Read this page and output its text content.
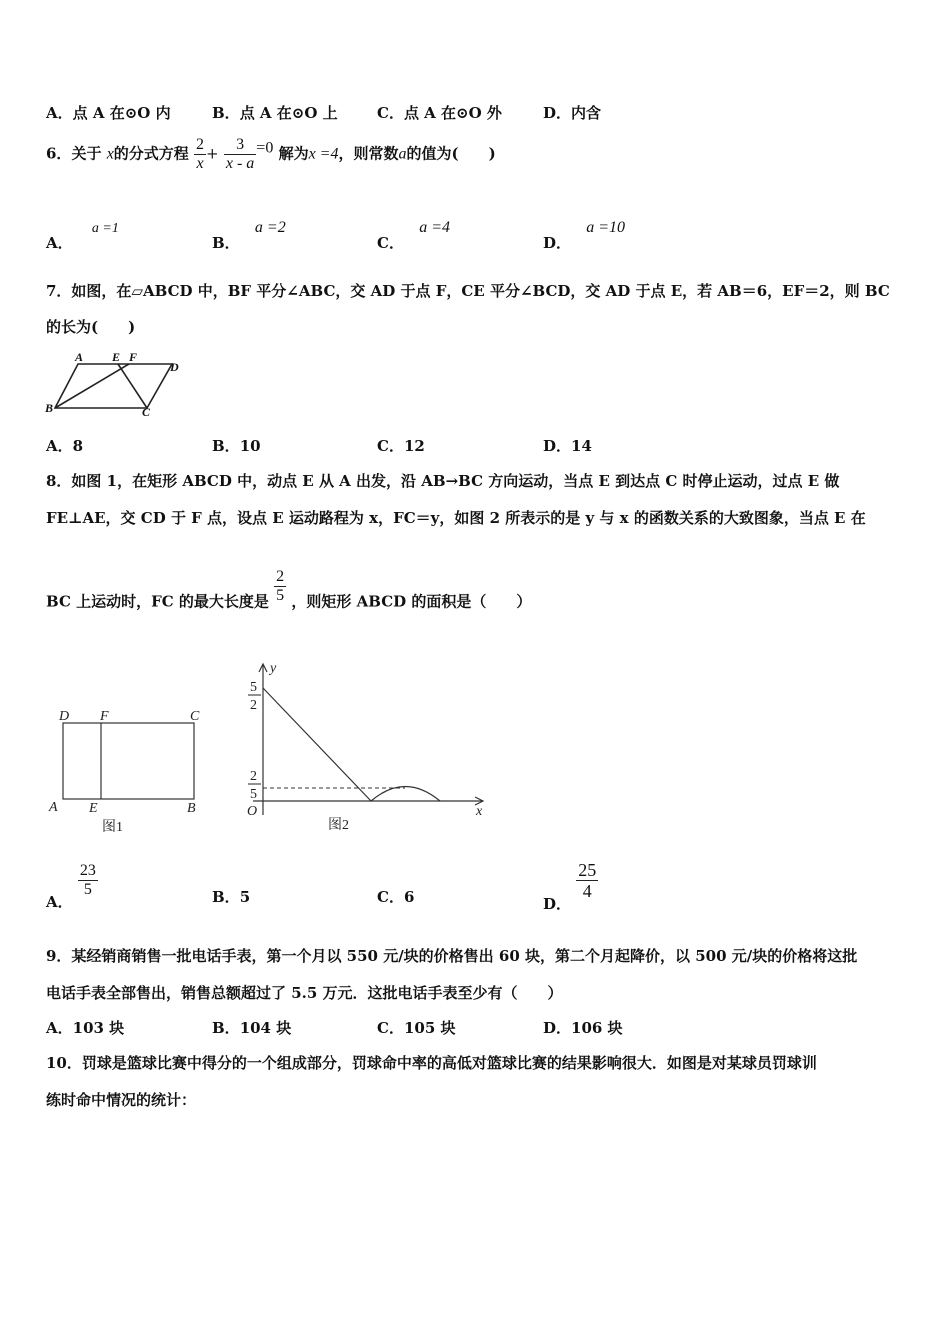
A．点 A 在⊙O 内	B．点 A 在⊙O 上	C．点 A 在⊙O 外	D．内含
6．关于 x的分式方程 $\frac{2}{x} + \frac{3}{x - a} =0$ 解为x =4，则常数a的值为(　　)
A． a =1
B． a =2
C． a =4
D． a =10
7．如图，在▱ABCD 中，BF 平分∠ABC，交 AD 于点 F，CE 平分∠BCD，交 AD 于点 E，若 AB＝6，EF＝2，则 BC
的长为(　　)
A E F
D
B	C
A．8	B．10	C．12	D．14
8．如图 1，在矩形 ABCD 中，动点 E 从 A 出发，沿 AB→BC 方向运动，当点 E 到达点 C 时停止运动，过点 E 做
FE⊥AE，交 CD 于 F 点，设点 E 运动路程为 x，FC＝y，如图 2 所表示的是 y 与 x 的函数关系的大致图象，当点 E 在
BC 上运动时，FC 的最大长度是 $\frac{2}{5}$ ，则矩形 ABCD 的面积是（　　）
D F	C
A E	B
图1
y
x
O
5
2
2
5
图2
A．
$\frac{23}{5}$	B．5	C．6	D．
$\frac{25}{4}$
9．某经销商销售一批电话手表，第一个月以 550 元/块的价格售出 60 块，第二个月起降价，以 500 元/块的价格将这批
电话手表全部售出，销售总额超过了 5.5 万元．这批电话手表至少有（　　）
A．103 块	B．104 块	C．105 块	D．106 块
10．罚球是篮球比赛中得分的一个组成部分，罚球命中率的高低对篮球比赛的结果影响很大．如图是对某球员罚球训
练时命中情况的统计：
